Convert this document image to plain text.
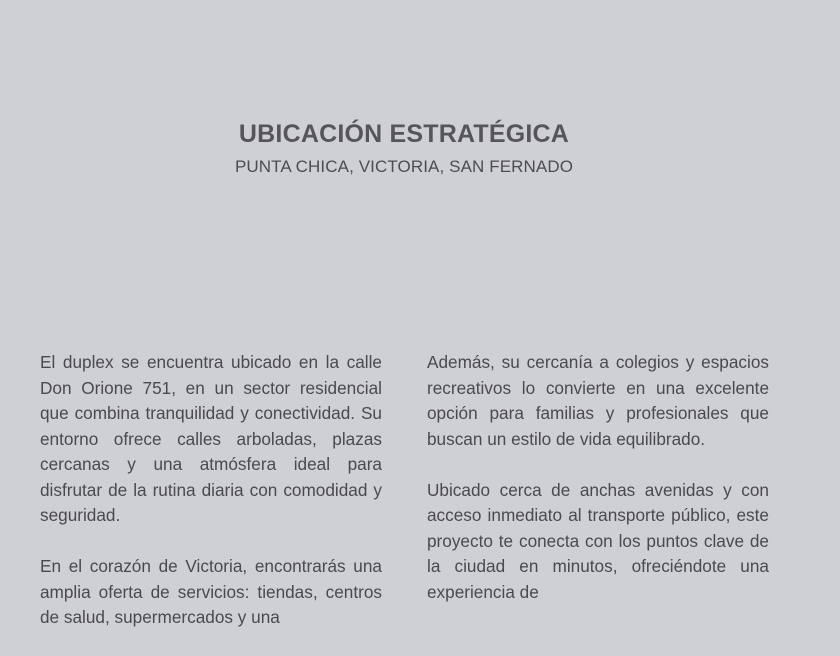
UBICACIÓN ESTRATÉGICA

PUNTA CHICA, VICTORIA, SAN FERNADO

El duplex se encuentra ubicado en la calle Don Orione 751, en un sector residencial que combina tranquilidad y conectividad. Su entorno ofrece calles arboladas, plazas cercanas y una atmósfera ideal para disfrutar de la rutina diaria con comodidad y seguridad.

En el corazón de Victoria, encontrarás una amplia oferta de servicios: tiendas, centros de salud, supermercados y una

Además, su cercanía a colegios y espacios recreativos lo convierte en una excelente opción para familias y profesionales que buscan un estilo de vida equilibrado.

Ubicado cerca de anchas avenidas y con acceso inmediato al transporte público, este proyecto te conecta con los puntos clave de la ciudad en minutos, ofreciéndote una experiencia de
